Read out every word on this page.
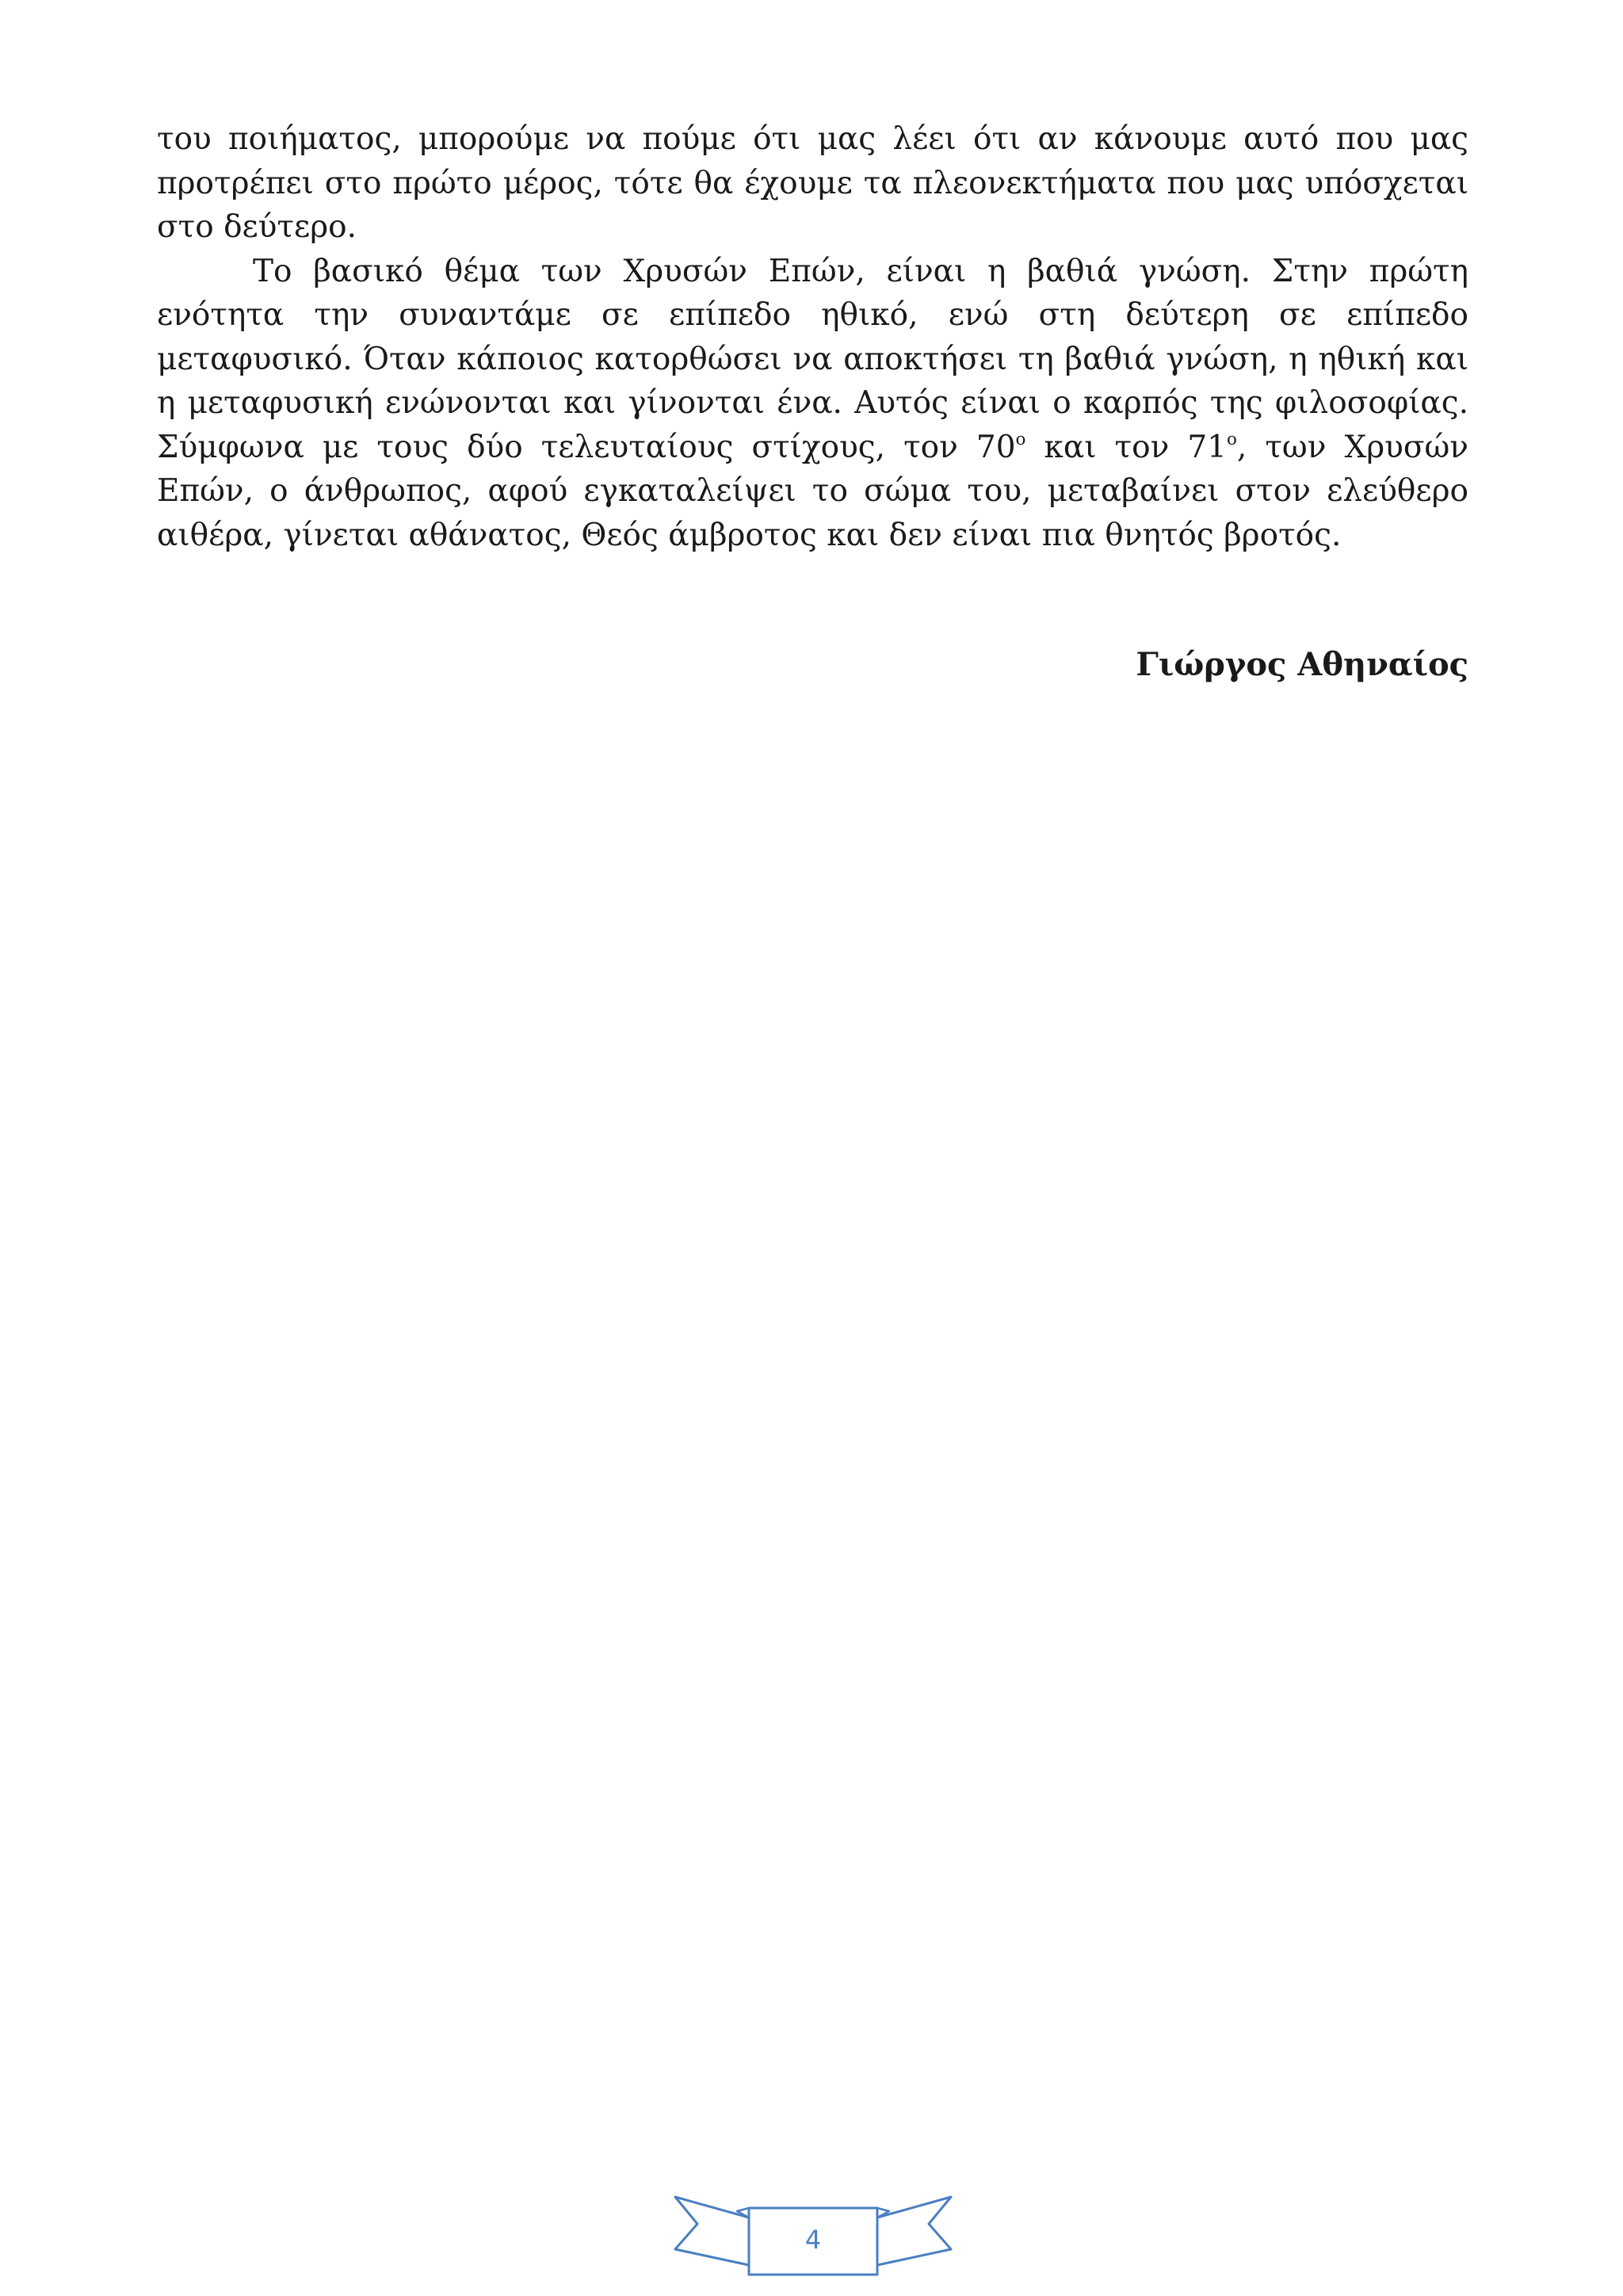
του ποιήματος, μπορούμε να πούμε ότι μας λέει ότι αν κάνουμε αυτό που μας προτρέπει στο πρώτο μέρος, τότε θα έχουμε τα πλεονεκτήματα που μας υπόσχεται στο δεύτερο.

Το βασικό θέμα των Χρυσών Επών, είναι η βαθιά γνώση. Στην πρώτη ενότητα την συναντάμε σε επίπεδο ηθικό, ενώ στη δεύτερη σε επίπεδο μεταφυσικό. Όταν κάποιος κατορθώσει να αποκτήσει τη βαθιά γνώση, η ηθική και η μεταφυσική ενώνονται και γίνονται ένα. Αυτός είναι ο καρπός της φιλοσοφίας. Σύμφωνα με τους δύο τελευταίους στίχους, τον $70^o$ και τον $71^o$, των Χρυσών Επών, ο άνθρωπος, αφού εγκαταλείψει το σώμα του, μεταβαίνει στον ελεύθερο αιθέρα, γίνεται αθάνατος, Θεός άμβροτος και δεν είναι πια θνητός βροτός.

Γιώργος Αθηναίος
4
